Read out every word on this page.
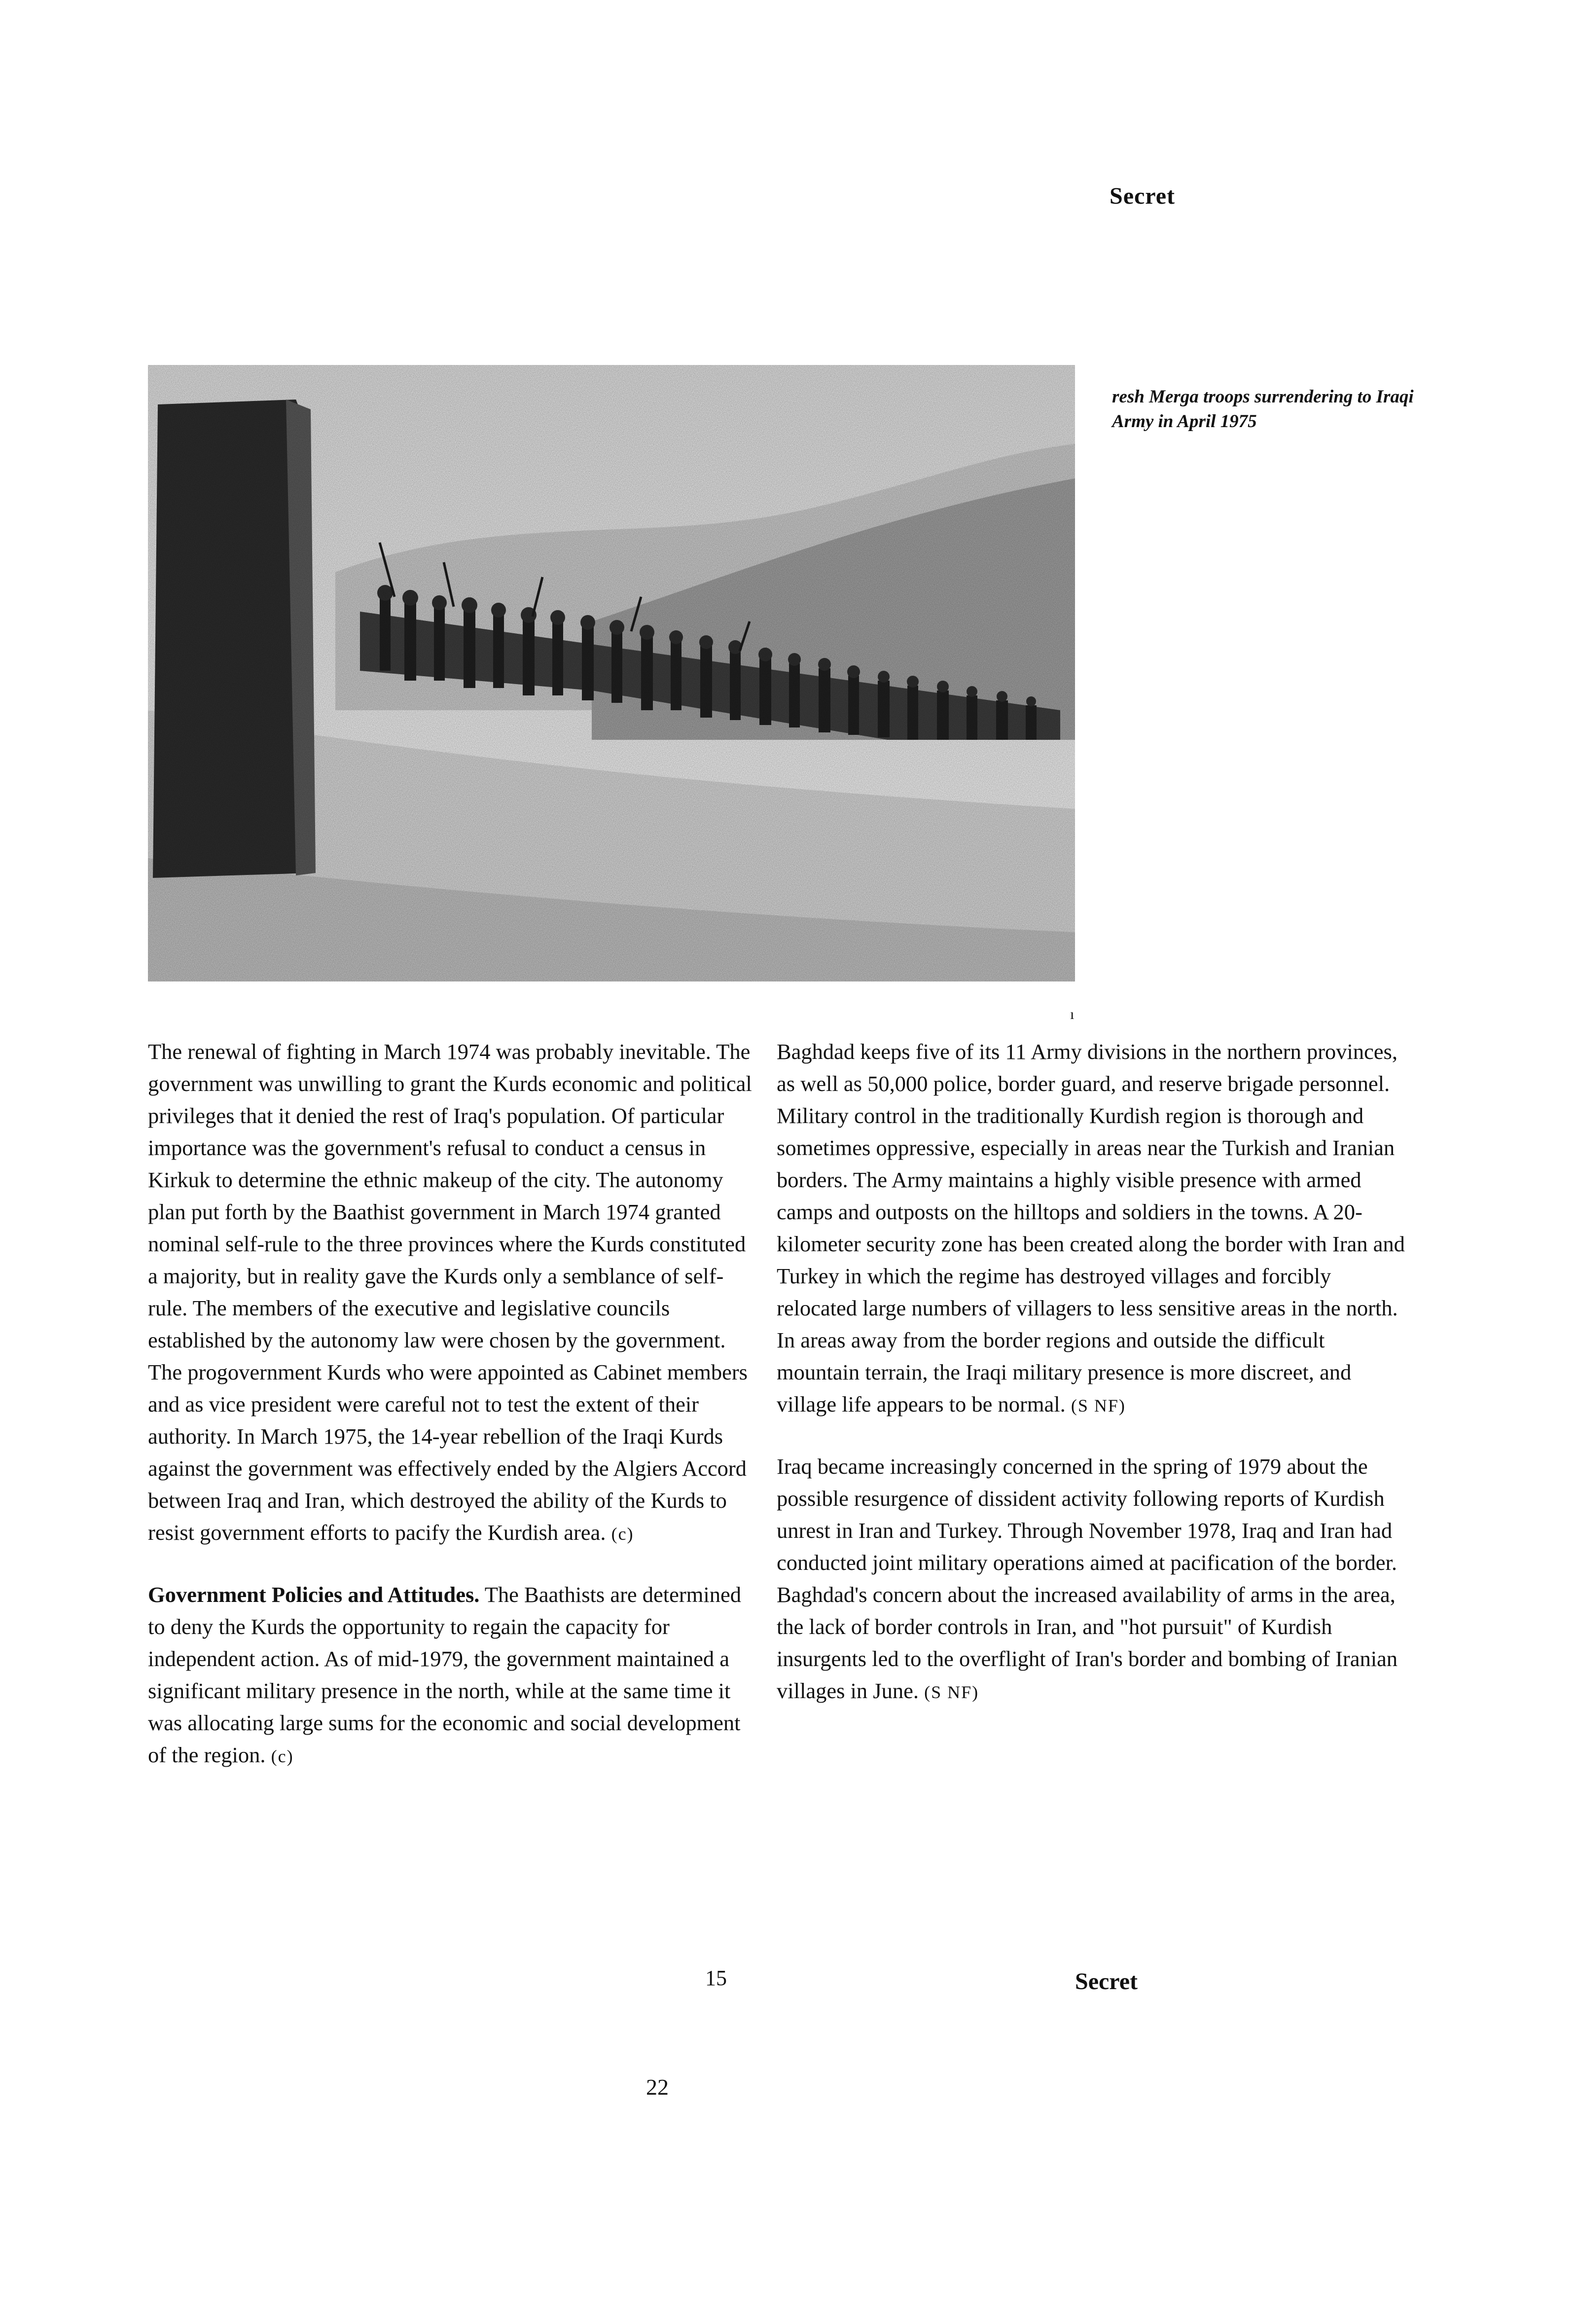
Secret
resh Merga troops surrendering to Iraqi Army in April 1975
ı

The renewal of fighting in March 1974 was probably inevitable. The government was unwilling to grant the Kurds economic and political privileges that it denied the rest of Iraq's population. Of particular importance was the government's refusal to conduct a census in Kirkuk to determine the ethnic makeup of the city. The autonomy plan put forth by the Baathist government in March 1974 granted nominal self-rule to the three provinces where the Kurds constituted a majority, but in reality gave the Kurds only a semblance of self-rule. The members of the executive and legislative councils established by the autonomy law were chosen by the government. The progovernment Kurds who were appointed as Cabinet members and as vice president were careful not to test the extent of their authority. In March 1975, the 14-year rebellion of the Iraqi Kurds against the government was effectively ended by the Algiers Accord between Iraq and Iran, which destroyed the ability of the Kurds to resist government efforts to pacify the Kurdish area. (c)

Government Policies and Attitudes. The Baathists are determined to deny the Kurds the opportunity to regain the capacity for independent action. As of mid-1979, the government maintained a significant military presence in the north, while at the same time it was allocating large sums for the economic and social development of the region. (c)

Baghdad keeps five of its 11 Army divisions in the northern provinces, as well as 50,000 police, border guard, and reserve brigade personnel. Military control in the traditionally Kurdish region is thorough and sometimes oppressive, especially in areas near the Turkish and Iranian borders. The Army maintains a highly visible presence with armed camps and outposts on the hilltops and soldiers in the towns. A 20-kilometer security zone has been created along the border with Iran and Turkey in which the regime has destroyed villages and forcibly relocated large numbers of villagers to less sensitive areas in the north. In areas away from the border regions and outside the difficult mountain terrain, the Iraqi military presence is more discreet, and village life appears to be normal. (S NF)

Iraq became increasingly concerned in the spring of 1979 about the possible resurgence of dissident activity following reports of Kurdish unrest in Iran and Turkey. Through November 1978, Iraq and Iran had conducted joint military operations aimed at pacification of the border. Baghdad's concern about the increased availability of arms in the area, the lack of border controls in Iran, and "hot pursuit" of Kurdish insurgents led to the overflight of Iran's border and bombing of Iranian villages in June. (S NF)

15	Secret
22
